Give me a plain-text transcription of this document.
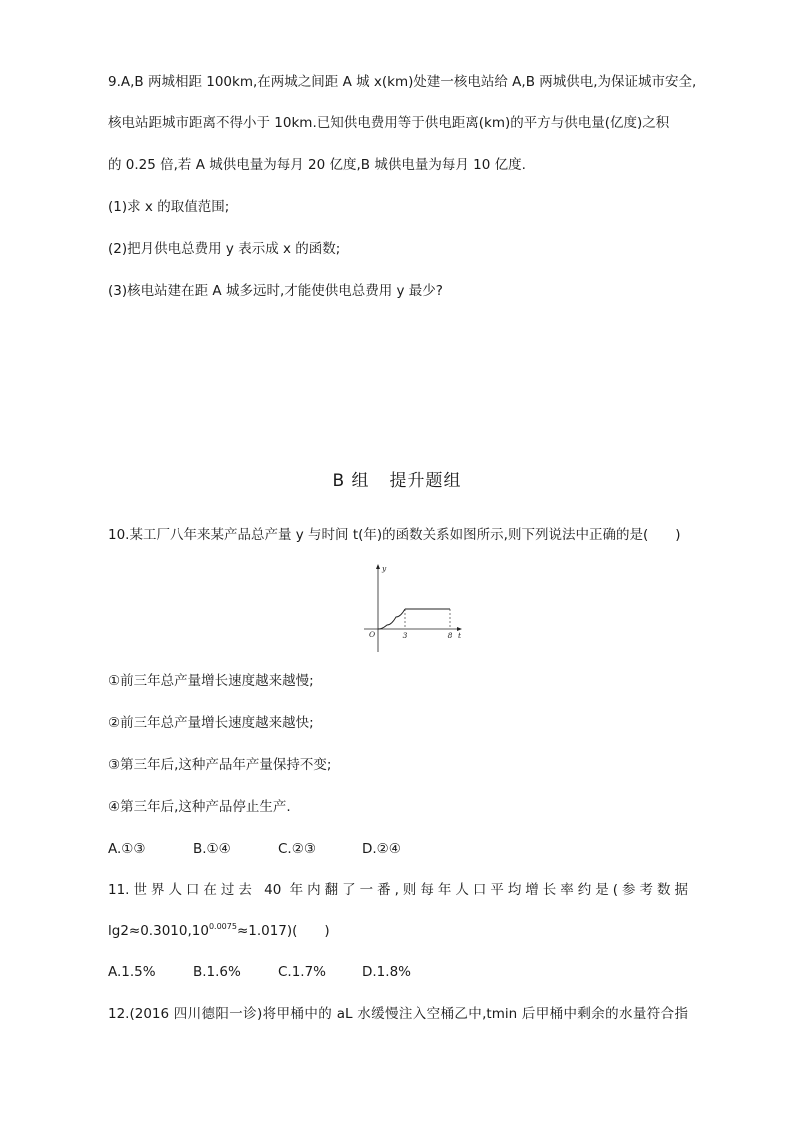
9.A,B 两城相距 100km,在两城之间距 A 城 x(km)处建一核电站给 A,B 两城供电,为保证城市安全,
核电站距城市距离不得小于 10km.已知供电费用等于供电距离(km)的平方与供电量(亿度)之积
的 0.25 倍,若 A 城供电量为每月 20 亿度,B 城供电量为每月 10 亿度.
(1)求 x 的取值范围;
(2)把月供电总费用 y 表示成 x 的函数;
(3)核电站建在距 A 城多远时,才能使供电总费用 y 最少?
B 组 提升题组
10.某工厂八年来某产品总产量 y 与时间 t(年)的函数关系如图所示,则下列说法中正确的是(　　)
O	3	8 t
y
①前三年总产量增长速度越来越慢;
②前三年总产量增长速度越来越快;
③第三年后,这种产品年产量保持不变;
④第三年后,这种产品停止生产.
A.①③	B.①④	C.②③	D.②④
11.世界人口在过去 40 年内翻了一番,则每年人口平均增长率约是(参考数据
$\lg 2\approx 0.3010,10^{0.0075}\approx 1.017$)(　　)
A.1.5%	B.1.6%	C.1.7%	D.1.8%
12.(2016 四川德阳一诊)将甲桶中的 aL 水缓慢注入空桶乙中,tmin 后甲桶中剩余的水量符合指
